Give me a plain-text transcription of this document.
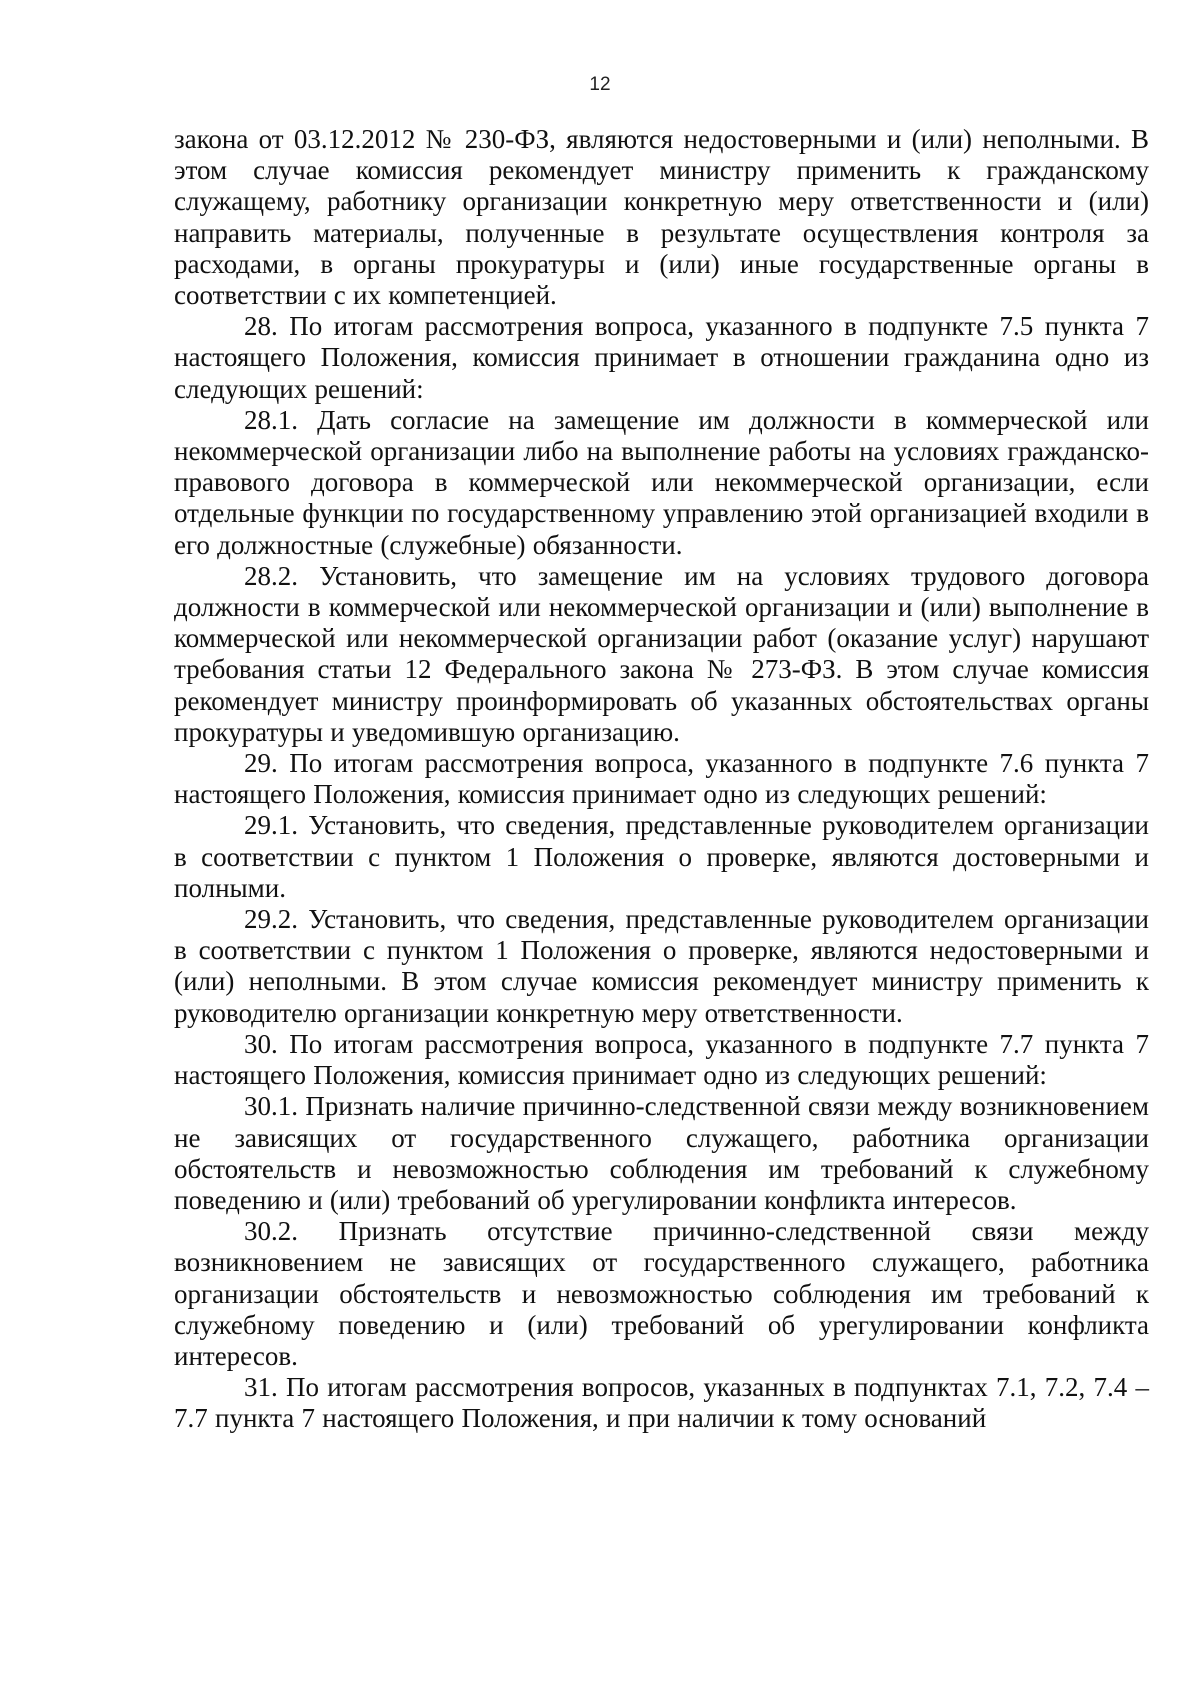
12

закона от 03.12.2012 № 230-ФЗ, являются недостоверными и (или) неполными. В этом случае комиссия рекомендует министру применить к гражданскому служащему, работнику организации конкретную меру ответственности и (или) направить материалы, полученные в результате осуществления контроля за расходами, в органы прокуратуры и (или) иные государственные органы в соответствии с их компетенцией.

28. По итогам рассмотрения вопроса, указанного в подпункте 7.5 пункта 7 настоящего Положения, комиссия принимает в отношении гражданина одно из следующих решений:

28.1. Дать согласие на замещение им должности в коммерческой или некоммерческой организации либо на выполнение работы на условиях гражданско-правового договора в коммерческой или некоммерческой организации, если отдельные функции по государственному управлению этой организацией входили в его должностные (служебные) обязанности.

28.2. Установить, что замещение им на условиях трудового договора должности в коммерческой или некоммерческой организации и (или) выполнение в коммерческой или некоммерческой организации работ (оказание услуг) нарушают требования статьи 12 Федерального закона № 273-ФЗ. В этом случае комиссия рекомендует министру проинформировать об указанных обстоятельствах органы прокуратуры и уведомившую организацию.

29. По итогам рассмотрения вопроса, указанного в подпункте 7.6 пункта 7 настоящего Положения, комиссия принимает одно из следующих решений:

29.1. Установить, что сведения, представленные руководителем организации в соответствии с пунктом 1 Положения о проверке, являются достоверными и полными.

29.2. Установить, что сведения, представленные руководителем организации в соответствии с пунктом 1 Положения о проверке, являются недостоверными и (или) неполными. В этом случае комиссия рекомендует министру применить к руководителю организации конкретную меру ответственности.

30. По итогам рассмотрения вопроса, указанного в подпункте 7.7 пункта 7 настоящего Положения, комиссия принимает одно из следующих решений:

30.1. Признать наличие причинно-следственной связи между возникновением не зависящих от государственного служащего, работника организации обстоятельств и невозможностью соблюдения им требований к служебному поведению и (или) требований об урегулировании конфликта интересов.

30.2. Признать отсутствие причинно-следственной связи между возникновением не зависящих от государственного служащего, работника организации обстоятельств и невозможностью соблюдения им требований к служебному поведению и (или) требований об урегулировании конфликта интересов.

31. По итогам рассмотрения вопросов, указанных в подпунктах 7.1, 7.2, 7.4 – 7.7 пункта 7 настоящего Положения, и при наличии к тому оснований
